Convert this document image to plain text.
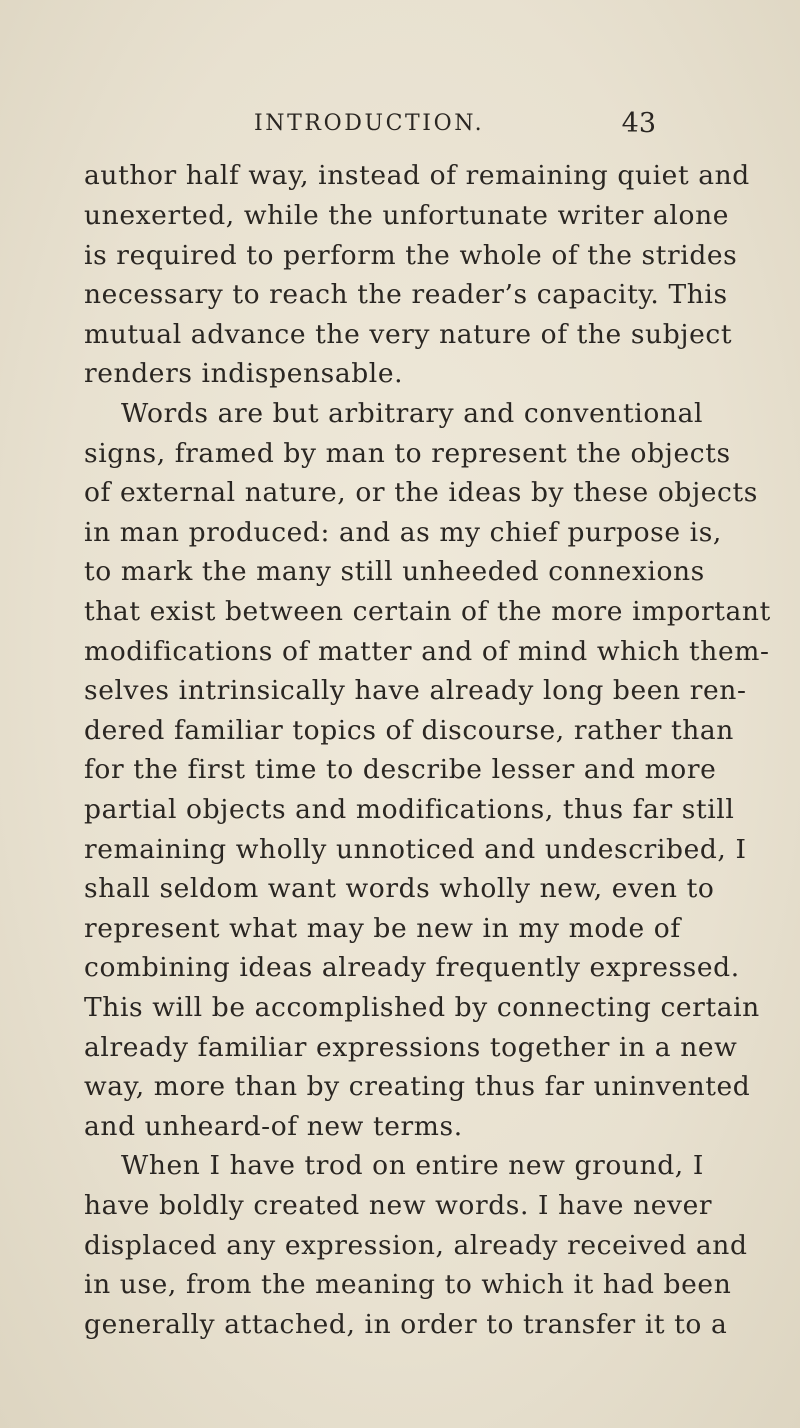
INTRODUCTION.	43
author half way, instead of remaining quiet and
unexerted, while the unfortunate writer alone
is required to perform the whole of the strides
necessary to reach the reader’s capacity. This
mutual advance the very nature of the subject
renders indispensable.
Words are but arbitrary and conventional
signs, framed by man to represent the objects
of external nature, or the ideas by these objects
in man produced: and as my chief purpose is,
to mark the many still unheeded connexions
that exist between certain of the more important
modifications of matter and of mind which them-
selves intrinsically have already long been ren-
dered familiar topics of discourse, rather than
for the first time to describe lesser and more
partial objects and modifications, thus far still
remaining wholly unnoticed and undescribed, I
shall seldom want words wholly new, even to
represent what may be new in my mode of
combining ideas already frequently expressed.
This will be accomplished by connecting certain
already familiar expressions together in a new
way, more than by creating thus far uninvented
and unheard-of new terms.
When I have trod on entire new ground, I
have boldly created new words. I have never
displaced any expression, already received and
in use, from the meaning to which it had been
generally attached, in order to transfer it to a
